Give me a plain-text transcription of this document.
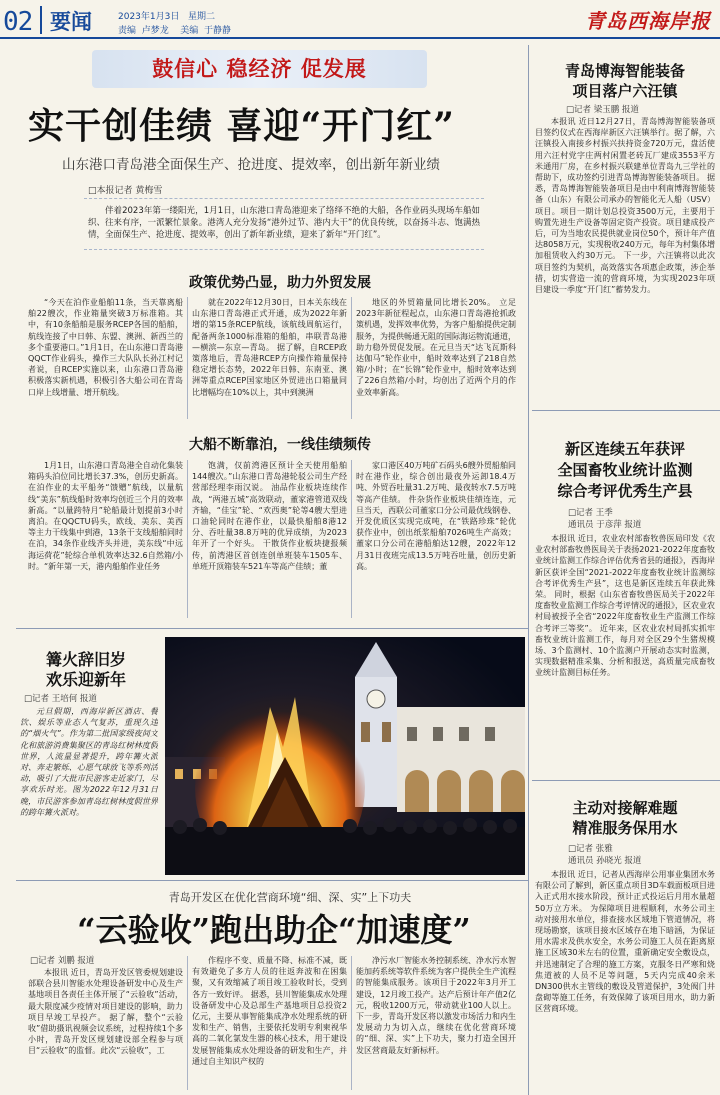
02 要闻	2023年1月3日 星期二
责编 卢梦龙 美编 于静静	青岛西海岸报
鼓信心 稳经济 促发展
实干创佳绩 喜迎“开门红”
山东港口青岛港全面保生产、抢进度、提效率，创出新年新业绩
□本报记者 黄梅雪

伴着2023年第一缕阳光，1月1日，山东港口青岛港迎来了络绎不绝的大船，各作业码头现场车船如织、往来有序，一派繁忙景象。港湾人充分发扬“港外过节、港内大干”的优良传统，以奋扬斗志、饱满热情，全面保生产、抢进度、提效率，创出了新年新业绩，迎来了新年“开门红”。

政策优势凸显，助力外贸发展

“今天在泊作业船舶11条，当天靠离船舶22艘次，作业箱量突破3万标准箱。其中，有10条船舶是服务RCEP各国的船舶，航线连接了中日韩、东盟、澳洲、新西兰的多个重要港口。”1月1日，在山东港口青岛港QQCT作业码头，操作三大队队长孙江村记者说，自RCEP实施以来，山东港口青岛港积极落实新机遇，积极引各大船公司在青岛口岸上线增量、增开航线。

就在2022年12月30日，日本关东线在山东港口青岛港正式开通，成为2022年新增的第15条RCEP航线，该航线周航运行，配备两条1000标准箱的船舶，串联青岛港—横滨—东京—青岛。 据了解，自RCEP政策落地后，青岛港RCEP方向操作箱量保持稳定增长态势，2022年日韩、东南亚、澳洲等重点RCEP国家地区外贸进出口箱量同比增幅均在10%以上，其中到澳洲

地区的外贸箱量同比增长20%。 立足2023年新征程起点，山东港口青岛港抢抓政策机遇，发挥效率优势，为客户船舶提供定制服务，为提供畅通无阻的国际海运物流通道，助力稳外贸促发展。在元旦当天“达飞瓦斯科达伽马”轮作业中，船时效率达到了218自然箱/小时；在“长锦”轮作业中，船时效率达到了226自然箱/小时，均创出了近两个月的作业效率新高。

大船不断靠泊，一线佳绩频传

1月1日，山东港口青岛港全自动化集装箱码头泊位同比增长37.3%，创历史新高。在泊作业的太平船务“馈赠”航线，以量航线“美东”航线船时效率均创近三个月的效率新高。“以量跨特月”轮船最计划提前3小时离泊。在QQCTU码头，欧线、美东、美西等主力干线集中到港，13条干支线船舶同时在泊，34条作业线齐头并进，美东线“中远海运荷花”轮综合单机效率达32.6自然箱/小时。“新年第一天，港内船舶作业任务

饱满，仅前湾港区预计全天使用船舶144艘次。”山东港口青岛港轮驳公司生产经营部经理李雨汉说。 油品作业板块连续作战，“两港五城”高效联动，董家港管道双线齐输，“佳宝”轮、“欢西奥”轮等4艘大型进口油轮同时在港作业，以最快船舶8港12分、吞吐量38.8万吨的优异成绩，为2023年开了一个好头。 干散货作业板块捷报频传，前湾港区首创连创单班装车1505车、单班开顶箱装车521车等高产佳绩；董

家口港区40万吨矿石码头6艘外贸船舶同时在港作业，综合创出最夜外运卸18.4万吨、外贸吞吐量31.2万吨、最夜转水7.5万吨等高产佳绩。 件杂货作业板块佳绩连连，元旦当天，西联公司董家口分公司最优线钢卷、开发优质区实现完成吨，在“铁路珍珠”轮优获作业中，创出纸浆船舶7026吨生产高效；董家口分公司在港船舶达12艘，2022年12月31日夜班完成13.5万吨吞吐量，创历史新高。

篝火辞旧岁
欢乐迎新年
□记者 王培何 报道

元旦假期，西海岸新区酒店、餐饮、娱乐等业态人气复苏，重现久违的“烟火气”。作为第二批国家级夜间文化和旅游消费集聚区的青岛红树林度假世界，人流量显著提升，跨年篝火派对、奔走繁烁、心愿气球放飞等系列活动，吸引了大批市民游客走近家门，尽享欢乐时光。图为2022年12月31日晚，市民游客参加青岛红树林度假世界的跨年篝火派对。

青岛开发区在优化营商环境“细、深、实”上下功夫
“云验收”跑出助企“加速度”
□记者 刘鹏 报道

本报讯 近日，青岛开发区管委规划建设部联合县川智能水处理设备研发中心及生产基地项目各责任主体开展了“云验收”活动，最大限度减少疫情对项目建设的影响，助力项目早竣工早投产。 据了解，整个“云验收”借助摄讯视频会议系统，过程持续1个多小时，青岛开发区规划建设部全程参与项目“云验收”的监督。此次“云验收”，工

作程序不变、质量不降、标准不减，既有效避免了多方人员的往返奔波和在困集聚，又有效缩减了项目竣工验收时长，受到各方一致好评。 据悉，县川智能集成水处理设备研发中心及总部生产基地项目总投资2亿元，主要从事智能集成净水处理系统的研发和生产、销售，主要依托发明专利柬视华高的二氧化氯发生器的核心技术，用于建设发展智能集成水处理设备的研发和生产，并通过自主知识产权的

净污水厂智能水务控制系统、净水污水智能加药系统等软件系统为客户提供全生产流程的智能集成服务。该项目于2022年3月开工建设，12月竣工投产。达产后预计年产值2亿元，税收1200万元，带动就业100人以上。 下一步，青岛开发区将以激发市场活力和内生发展动力为切入点，继续在优化营商环境的“细、深、实”上下功夫，聚力打造全国开发区营商最友好新标杆。

青岛博海智能装备
项目落户六汪镇
□记者 梁玉鹏 报道

本报讯 近日12月27日，青岛博海智能装备项目签约仪式在西海岸新区六汪镇举行。据了解，六汪镇投入南接乡村振兴扶持资金720万元，盘活使用六汪村党字庄两村闲置老砖瓦厂建成3553平方米通用厂房，在乡村振兴联建单位青岛九三学社的帮助下，成功签约引进青岛博海智能装备项目。 据悉，青岛博海智能装备项目是由中利南博海智能装备（山东）有限公司承办的智能化无人船（USV）项目。项目一期计划总投资3500万元，主要用于购置先进生产设备等固定资产投资。项目建成投产后，可为当地农民提供就业岗位50个，预计年产值达8058万元，实现税收240万元，每年为村集体增加租赁收入约30万元。 下一步，六汪镇将以此次项目签约为契机，高效落实各项惠企政策，涉企举措，切实营造一流的营商环境，为实现2023年项目建设一季度“开门红”蓄势发力。

新区连续五年获评
全国畜牧业统计监测
综合考评优秀生产县
□记者 王季
通讯员 于彦萍 报道

本报讯 近日，农业农村部畜牧兽医局印发《农业农村部畜牧兽医局关于表扬2021-2022年度畜牧业统计监测工作综合评估优秀省县的通报》，西海岸新区获评全国“2021-2022年度畜牧业统计监测综合考评优秀生产县”，这也是新区连续五年获此殊荣。 同时，根据《山东省畜牧兽医局关于2022年度畜牧业监测工作综合考评情况的通报》，区农业农村局被授予全省“2022年度畜牧业生产监测工作综合考评三等奖”。 近年来，区农业农村局抓实抓牢畜牧业统计监测工作，每月对全区29个生猪规模场、3个监测村、10个监测户开展动态实时监测，实现数据精准采集、分析和报送，高质量完成畜牧业统计监测目标任务。

主动对接解难题
精准服务保用水
□记者 张雅
通讯员 孙晓光 报道

本报讯 近日，记者从西海岸公用事业集团水务有限公司了解到，新区重点项目3D车载面板项目进入正式用水接水阶段，预计正式投运后月用水量超50万立方米。 为保障项目进程顺利，水务公司主动对接用水单位，排查接水区域地下管道情况，将现场勘察，该项目接水区域存在地下暗涵，为保证用水需求及供水安全，水务公司施工人员在距离原施工区域30米左右的位置，重新确定安全敷设点，并迅速制定了合理的施工方案，克服冬日严寒和烧焦道被的人员不足等问题，5天内完成40余米DN300供水主管线的敷设及管道保护，3处阀门井盘砌等施工任务，有效保障了该项目用水，助力新区营商环境。
